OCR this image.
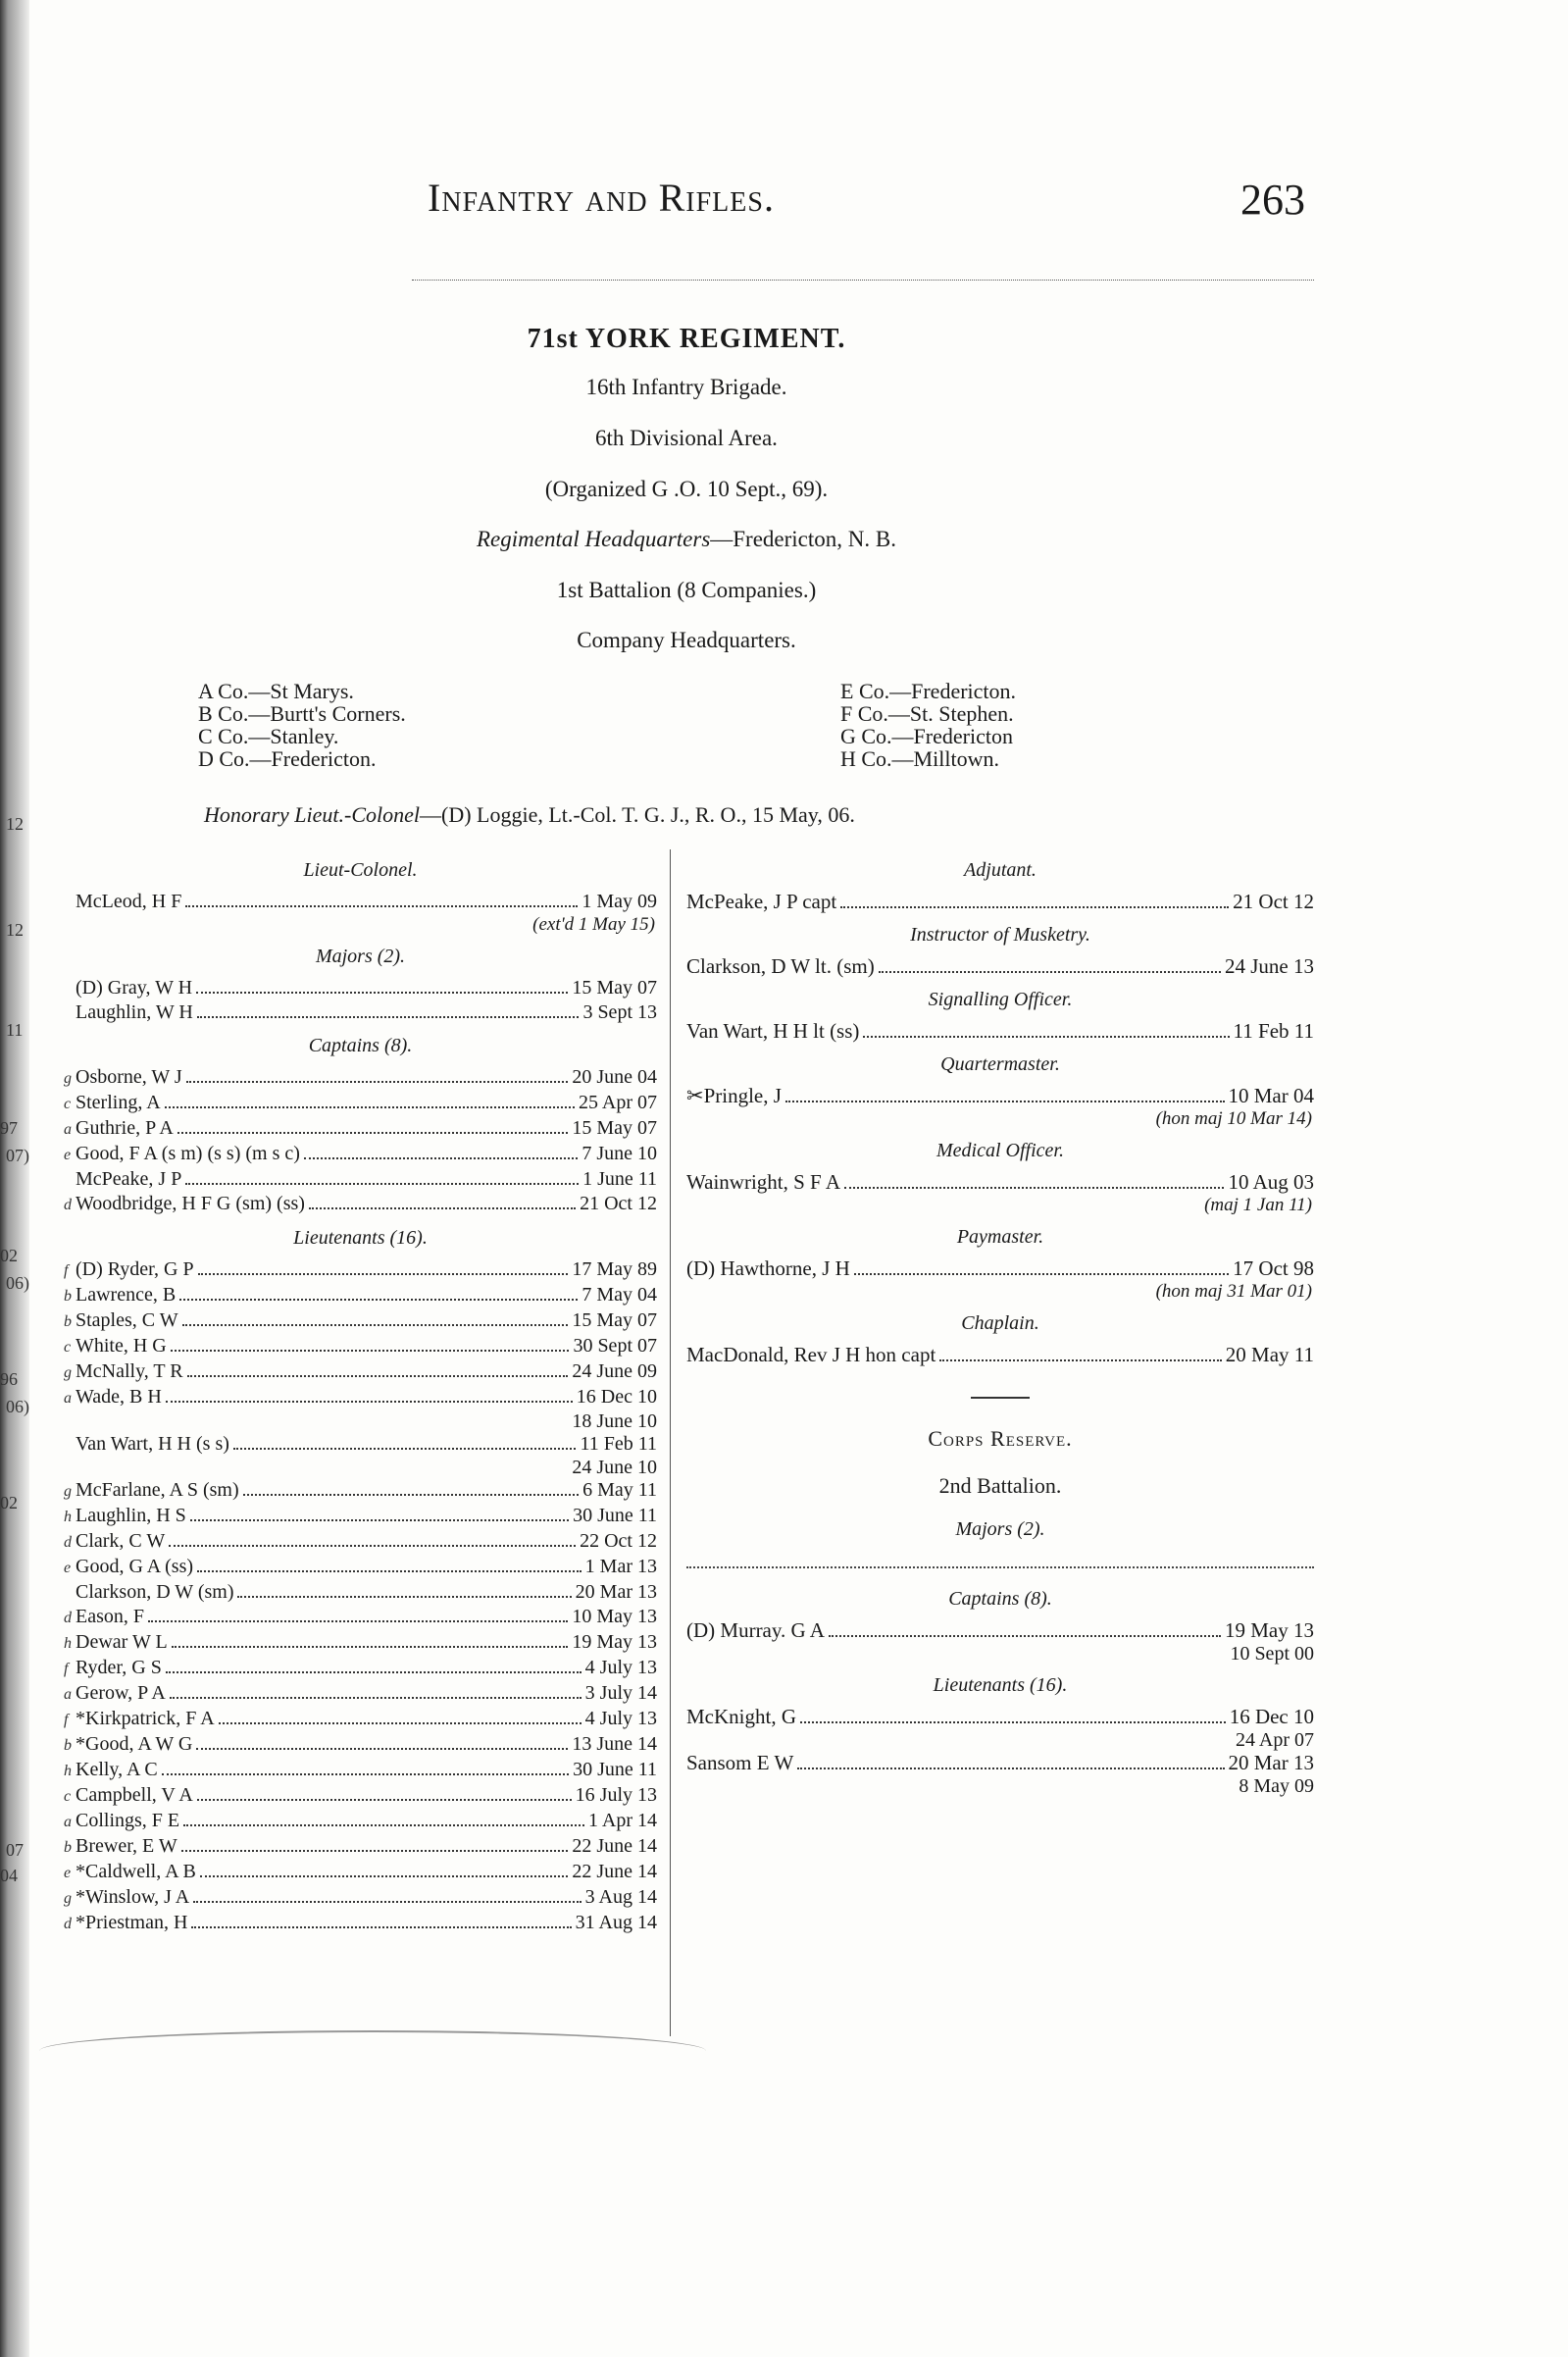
Infantry and Rifles.	263
71st YORK REGIMENT.
16th Infantry Brigade.
6th Divisional Area.
(Organized G .O. 10 Sept., 69).
Regimental Headquarters—Fredericton, N. B.
1st Battalion (8 Companies.)
Company Headquarters.
A Co.—St Marys.
B Co.—Burtt's Corners.
C Co.—Stanley.
D Co.—Fredericton.
E Co.—Fredericton.
F Co.—St. Stephen.
G Co.—Fredericton
H Co.—Milltown.
Honorary Lieut.-Colonel—(D) Loggie, Lt.-Col. T. G. J., R. O., 15 May, 06.
Lieut-Colonel.
McLeod, H F	1 May 09
(ext'd 1 May 15)
Majors (2).
(D) Gray, W H	15 May 07
Laughlin, W H	3 Sept 13
Captains (8).
g Osborne, W J	20 June 04
c Sterling, A	25 Apr 07
a Guthrie, P A	15 May 07
e Good, F A (s m) (s s) (m s c)	7 June 10
McPeake, J P	1 June 11
d Woodbridge, H F G (sm) (ss)	21 Oct 12
Lieutenants (16).
f (D) Ryder, G P	17 May 89
b Lawrence, B	7 May 04
b Staples, C W	15 May 07
c White, H G	30 Sept 07
g McNally, T R	24 June 09
a Wade, B H	16 Dec 10
18 June 10
Van Wart, H H (s s)	11 Feb 11
24 June 10
g McFarlane, A S (sm)	6 May 11
h Laughlin, H S	30 June 11
d Clark, C W	22 Oct 12
e Good, G A (ss)	1 Mar 13
Clarkson, D W (sm)	20 Mar 13
d Eason, F	10 May 13
h Dewar W L	19 May 13
f Ryder, G S	4 July 13
a Gerow, P A	3 July 14
f *Kirkpatrick, F A	4 July 13
b *Good, A W G	13 June 14
h Kelly, A C	30 June 11
c Campbell, V A	16 July 13
a Collings, F E	1 Apr 14
b Brewer, E W	22 June 14
e *Caldwell, A B	22 June 14
g *Winslow, J A	3 Aug 14
d *Priestman, H	31 Aug 14
Adjutant.
McPeake, J P capt	21 Oct 12
Instructor of Musketry.
Clarkson, D W lt. (sm)	24 June 13
Signalling Officer.
Van Wart, H H lt (ss)	11 Feb 11
Quartermaster.
✂Pringle, J	10 Mar 04
(hon maj 10 Mar 14)
Medical Officer.
Wainwright, S F A	10 Aug 03
(maj 1 Jan 11)
Paymaster.
(D) Hawthorne, J H	17 Oct 98
(hon maj 31 Mar 01)
Chaplain.
MacDonald, Rev J H hon capt	20 May 11
Corps Reserve.
2nd Battalion.
Majors (2).
Captains (8).
(D) Murray. G A	19 May 13
10 Sept 00
Lieutenants (16).
McKnight, G	16 Dec 10
24 Apr 07
Sansom E W	20 Mar 13
8 May 09
12
12
11
97
07)
02
06)
96
06)
02
07
04
